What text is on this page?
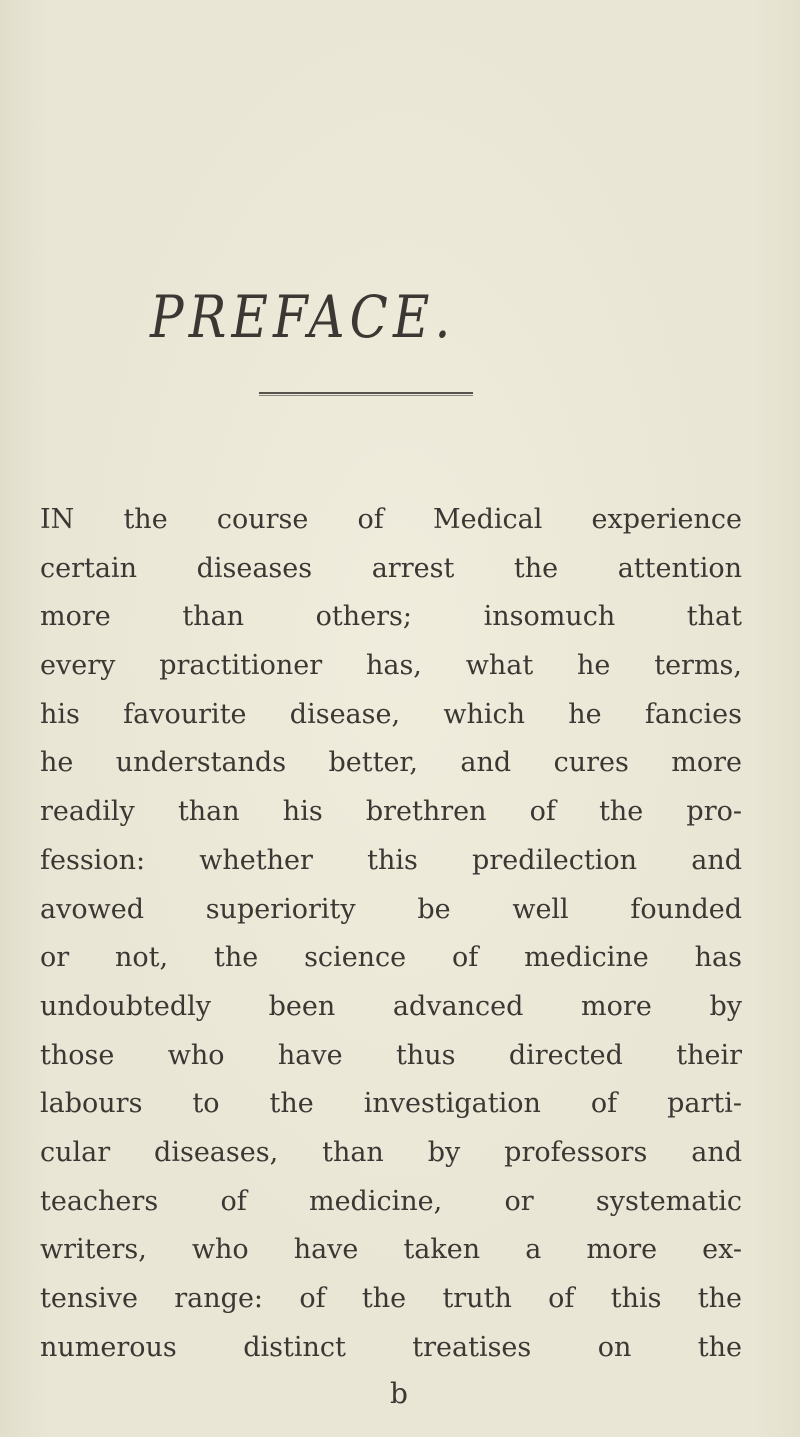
PREFACE.
IN the course of Medical experience
certain diseases arrest the attention
more than others; insomuch that
every practitioner has, what he terms,
his favourite disease, which he fancies
he understands better, and cures more
readily than his brethren of the pro-
fession: whether this predilection and
avowed superiority be well founded
or not, the science of medicine has
undoubtedly been advanced more by
those who have thus directed their
labours to the investigation of parti-
cular diseases, than by professors and
teachers of medicine, or systematic
writers, who have taken a more ex-
tensive range: of the truth of this the
numerous distinct treatises on the
b
